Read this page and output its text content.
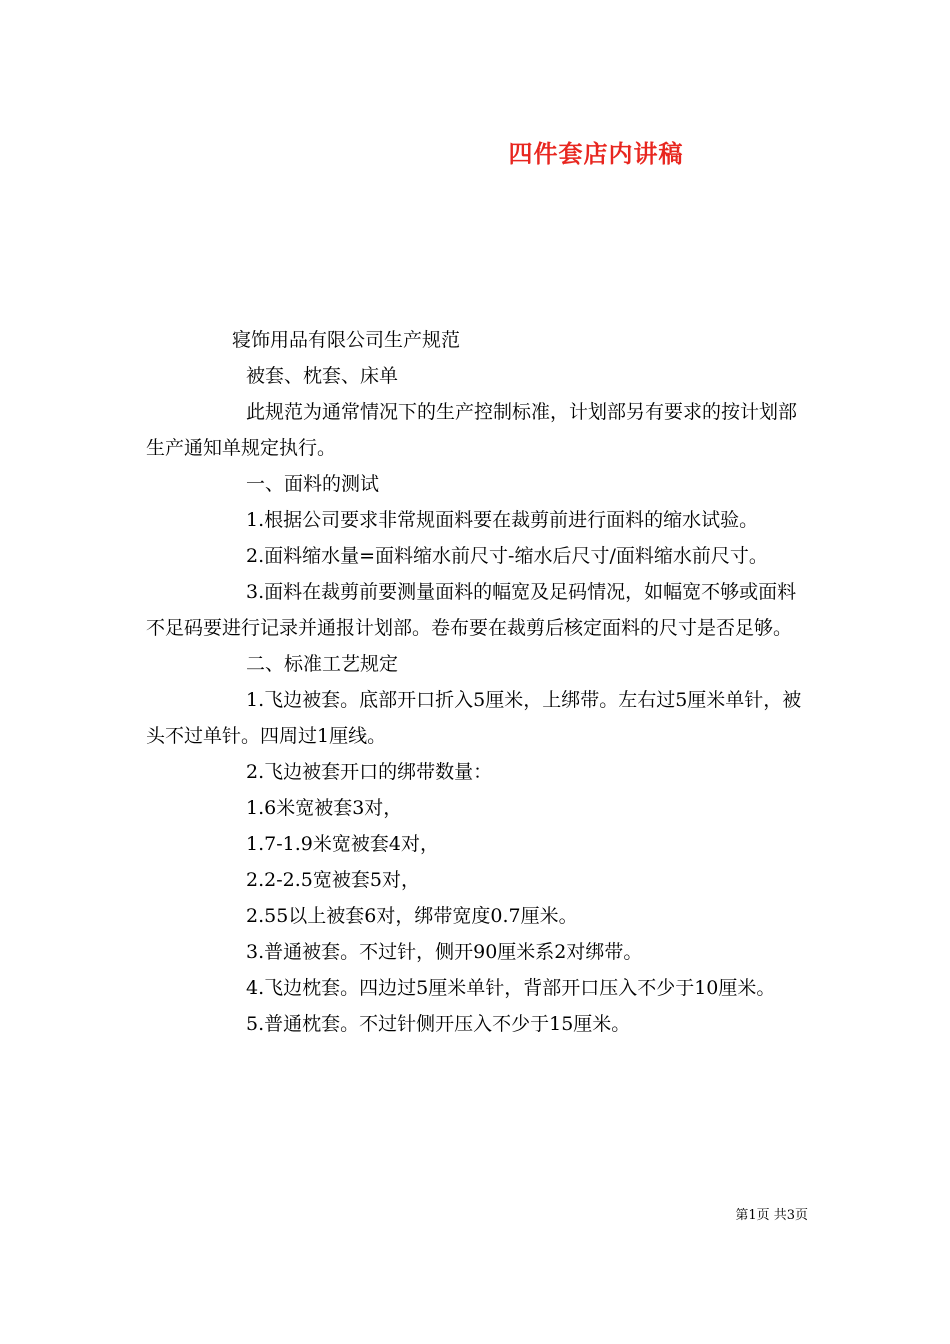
四件套店内讲稿

寝饰用品有限公司生产规范

被套、枕套、床单

此规范为通常情况下的生产控制标准，计划部另有要求的按计划部生产通知单规定执行。

一、面料的测试

1.根据公司要求非常规面料要在裁剪前进行面料的缩水试验。

2.面料缩水量=面料缩水前尺寸-缩水后尺寸/面料缩水前尺寸。

3.面料在裁剪前要测量面料的幅宽及足码情况，如幅宽不够或面料不足码要进行记录并通报计划部。卷布要在裁剪后核定面料的尺寸是否足够。

二、标准工艺规定

1.飞边被套。底部开口折入5厘米，上绑带。左右过5厘米单针，被头不过单针。四周过1厘线。

2.飞边被套开口的绑带数量：

1.6米宽被套3对，

1.7-1.9米宽被套4对，

2.2-2.5宽被套5对，

2.55以上被套6对，绑带宽度0.7厘米。

3.普通被套。不过针，侧开90厘米系2对绑带。

4.飞边枕套。四边过5厘米单针，背部开口压入不少于10厘米。

5.普通枕套。不过针侧开压入不少于15厘米。

第1页 共3页
